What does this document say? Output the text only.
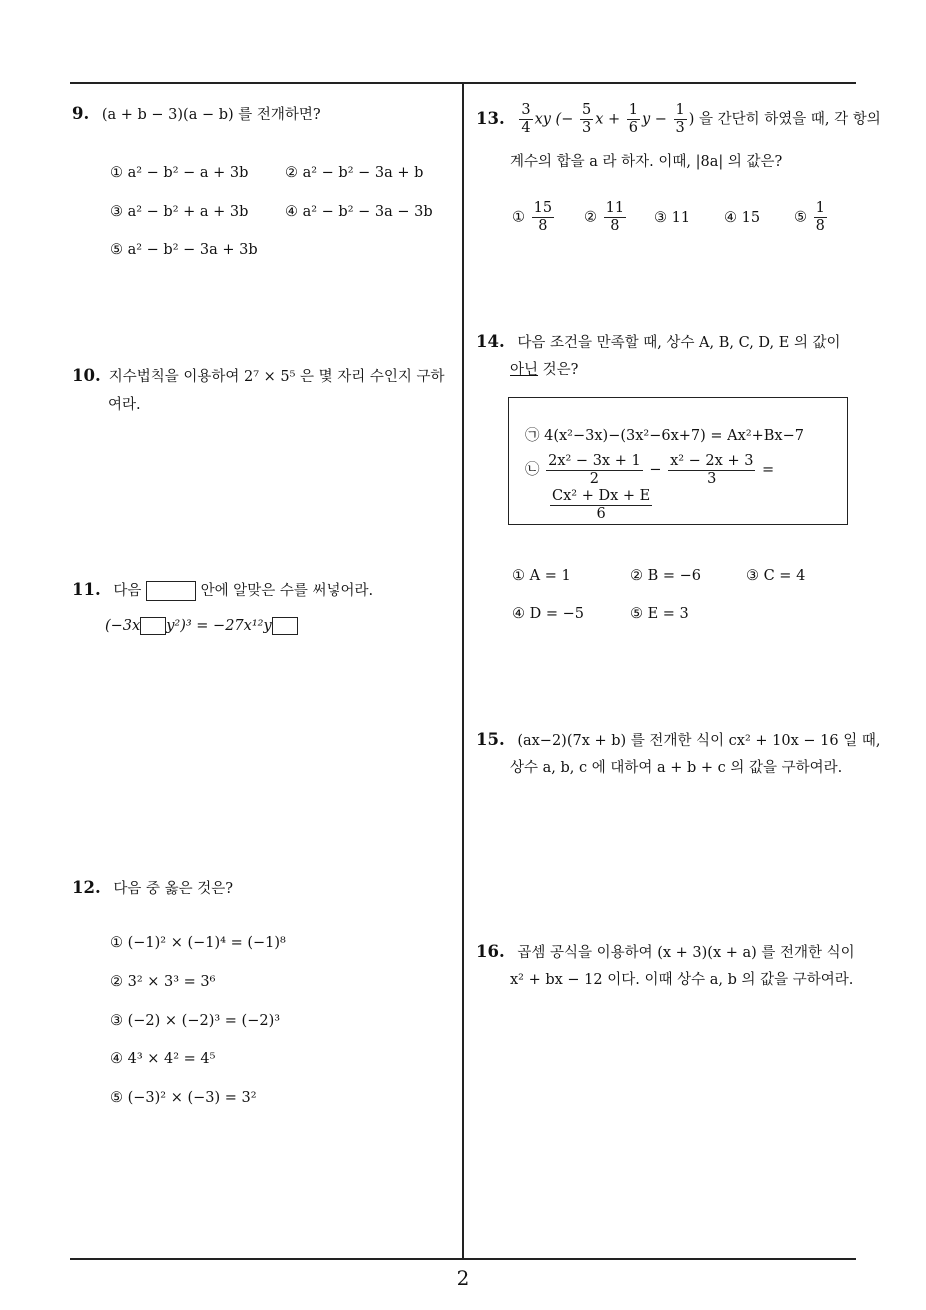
9. (a + b − 3)(a − b) 를 전개하면?
① a² − b² − a + 3b	② a² − b² − 3a + b
③ a² − b² + a + 3b	④ a² − b² − 3a − 3b
⑤ a² − b² − 3a + 3b
10. 지수법칙을 이용하여 2⁷ × 5⁵ 은 몇 자리 수인지 구하
여라.
11. 다음	안에 알맞은 수를 써넣어라.
(−3x y²)³ = −27x¹²y
12. 다음 중 옳은 것은?
① (−1)² × (−1)⁴ = (−1)⁸
② 3² × 3³ = 3⁶
③ (−2) × (−2)³ = (−2)³
④ 4³ × 4² = 4⁵
⑤ (−3)² × (−3) = 3²
13. $\frac{3}{4}$ xy (− $\frac{5}{3}$ $x + \frac{1}{6}$ $y - \frac{1}{3}$ ) 을 간단히 하였을 때, 각 항의
계수의 합을 a 라 하자. 이때, |8a| 의 값은?
① $\frac{15}{8}$ ② $\frac{11}{8}$ ③ 11 ④ 15 ⑤ $\frac{1}{8}$
14. 다음 조건을 만족할 때, 상수 A, B, C, D, E 의 값이
아닌 것은?
㉠ 4(x²−3x)−(3x²−6x+7) = Ax²+Bx−7
㉡ $\frac{\text{2x² − 3x + 1}}{2} - \frac{\text{x² − 2x + 3}}{3}$ =
$\frac{\text{Cx² + Dx + E}}{6}$
① A = 1	② B = −6	③ C = 4
④ D = −5	⑤ E = 3
15. (ax−2)(7x + b) 를 전개한 식이 cx² + 10x − 16 일 때,
상수 a, b, c 에 대하여 a + b + c 의 값을 구하여라.
16. 곱셈 공식을 이용하여 (x + 3)(x + a) 를 전개한 식이
x² + bx − 12 이다. 이때 상수 a, b 의 값을 구하여라.
2
